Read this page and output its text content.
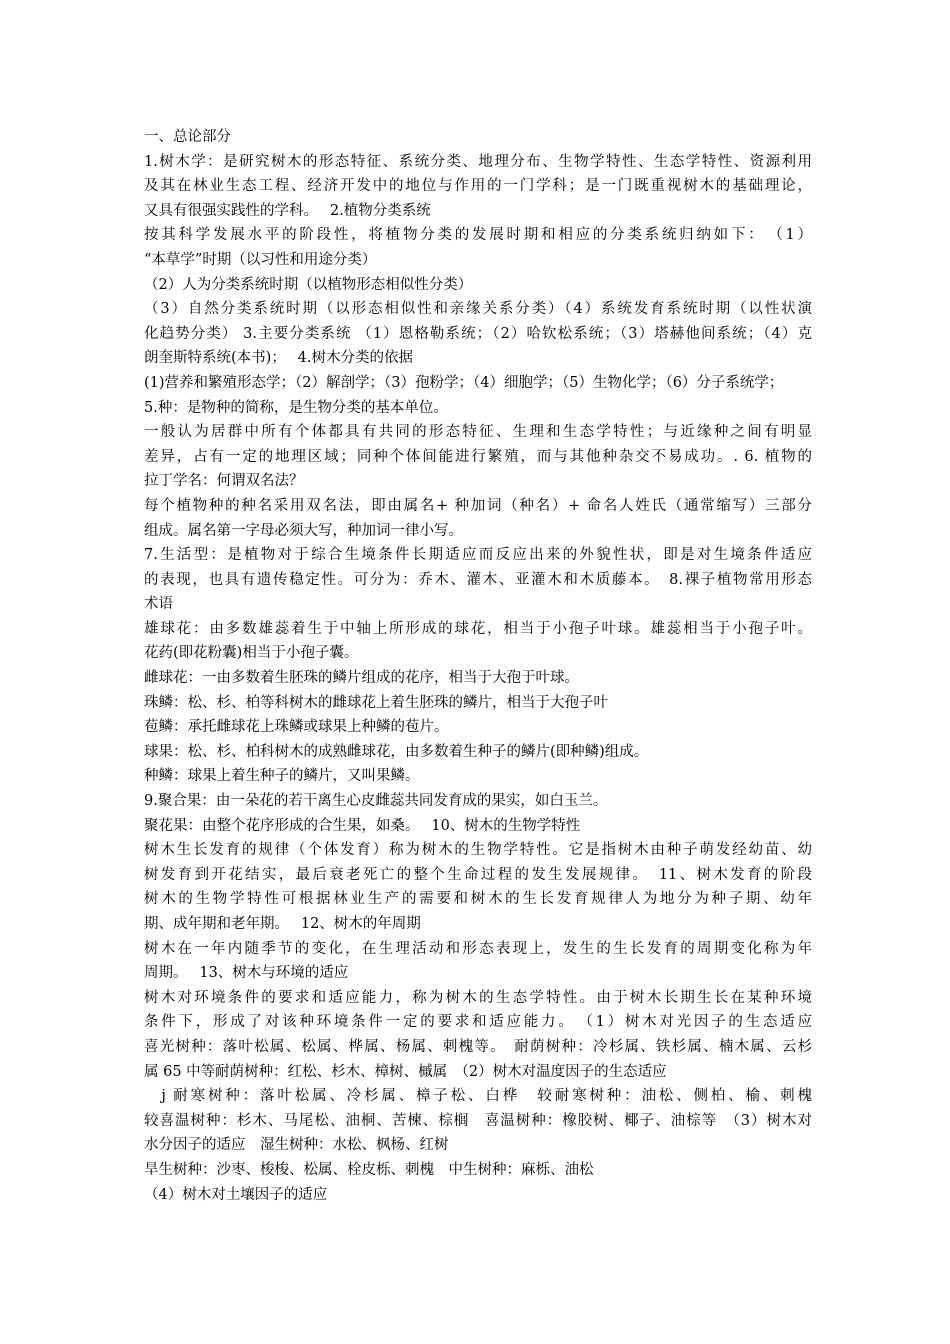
一、总论部分
1.树木学：是研究树木的形态特征、系统分类、地理分布、生物学特性、生态学特性、资源利用
及其在林业生态工程、经济开发中的地位与作用的一门学科；是一门既重视树木的基础理论，
又具有很强实践性的学科。　 2.植物分类系统
按其科学发展水平的阶段性，将植物分类的发展时期和相应的分类系统归纳如下：　（1）
“本草学”时期（以习性和用途分类）
（2）人为分类系统时期（以植物形态相似性分类）
（3）自然分类系统时期（以形态相似性和亲缘关系分类）（4）系统发育系统时期（以性状演
化趋势分类） 3.主要分类系统 （1）恩格勒系统；（2）哈钦松系统；（3）塔赫他间系统；（4）克
朗奎斯特系统(本书)；　 4.树木分类的依据
(1)营养和繁殖形态学；（2）解剖学；（3）孢粉学；（4）细胞学；（5）生物化学；（6）分子系统学；
5.种：是物种的简称，是生物分类的基本单位。
一般认为居群中所有个体都具有共同的形态特征、生理和生态学特性；与近缘种之间有明显
差异，占有一定的地理区域；同种个体间能进行繁殖，而与其他种杂交不易成功。. 6. 植物的
拉丁学名：何谓双名法？
每个植物种的种名采用双名法，即由属名+ 种加词（种名）+ 命名人姓氏（通常缩写）三部分
组成。属名第一字母必须大写，种加词一律小写。
7.生活型：是植物对于综合生境条件长期适应而反应出来的外貌性状，即是对生境条件适应
的表现，也具有遗传稳定性。可分为：乔木、灌木、亚灌木和木质藤本。　8.裸子植物常用形态
术语
雄球花：由多数雄蕊着生于中轴上所形成的球花，相当于小孢子叶球。雄蕊相当于小孢子叶。
花药(即花粉囊)相当于小孢子囊。
雌球花：一由多数着生胚珠的鳞片组成的花序，相当于大孢于叶球。
珠鳞：松、杉、柏等科树木的雌球花上着生胚珠的鳞片，相当于大孢子叶
苞鳞：承托雌球花上珠鳞或球果上种鳞的苞片。
球果：松、杉、柏科树木的成熟雌球花，由多数着生种子的鳞片(即种鳞)组成。
种鳞：球果上着生种子的鳞片，又叫果鳞。
9.聚合果：由一朵花的若干离生心皮雌蕊共同发育成的果实，如白玉兰。
聚花果：由整个花序形成的合生果，如桑。　 10、树木的生物学特性
树木生长发育的规律（个体发育）称为树木的生物学特性。它是指树木由种子萌发经幼苗、幼
树发育到开花结实，最后衰老死亡的整个生命过程的发生发展规律。　11、树木发育的阶段
树木的生物学特性可根据林业生产的需要和树木的生长发育规律人为地分为种子期、幼年
期、成年期和老年期。　 12、树木的年周期
树木在一年内随季节的变化，在生理活动和形态表现上，发生的生长发育的周期变化称为年
周期。　 13、树木与环境的适应
树木对环境条件的要求和适应能力，称为树木的生态学特性。由于树木长期生长在某种环境
条件下，形成了对该种环境条件一定的要求和适应能力。　（1）树木对光因子的生态适应
喜光树种：落叶松属、松属、桦属、杨属、刺槐等。　耐荫树种：冷杉属、铁杉属、楠木属、云杉
属 65 中等耐荫树种：红松、杉木、樟树、槭属　（2）树木对温度因子的生态适应
　j 耐寒树种：落叶松属、冷杉属、樟子松、白桦　较耐寒树种：油松、侧柏、榆、刺槐
较喜温树种：杉木、马尾松、油桐、苦楝、棕榈　喜温树种：橡胶树、椰子、油棕等　（3）树木对
水分因子的适应　湿生树种：水松、枫杨、红树
旱生树种：沙枣、梭梭、松属、栓皮栎、刺槐　中生树种：麻栎、油松
（4）树木对土壤因子的适应
